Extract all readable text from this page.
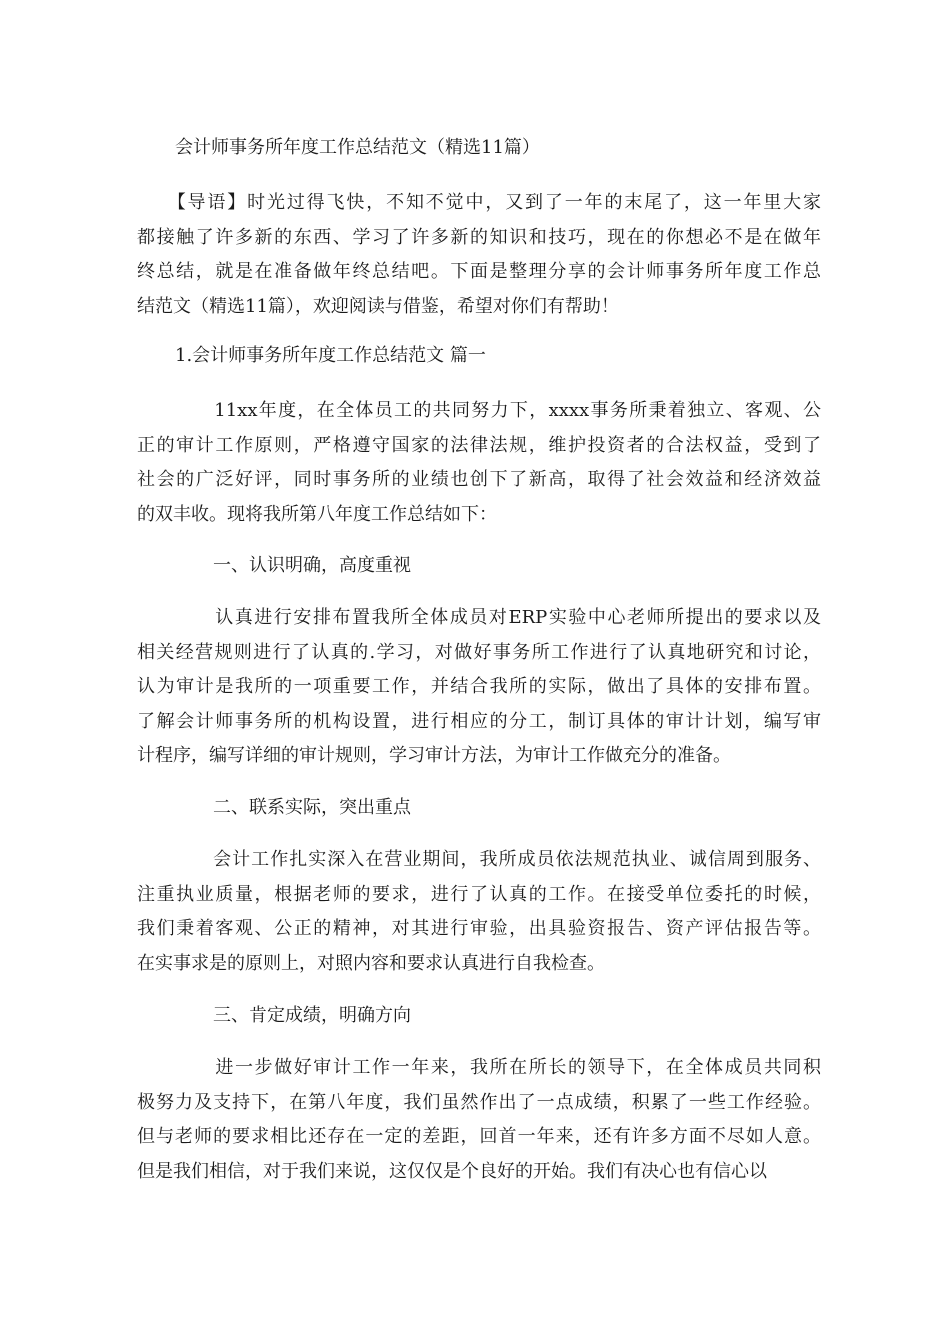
会计师事务所年度工作总结范文（精选11篇）

　　【导语】时光过得飞快，不知不觉中，又到了一年的末尾了，这一年里大家
都接触了许多新的东西、学习了许多新的知识和技巧，现在的你想必不是在做年
终总结，就是在准备做年终总结吧。下面是整理分享的会计师事务所年度工作总
结范文（精选11篇），欢迎阅读与借鉴，希望对你们有帮助！

1.会计师事务所年度工作总结范文 篇一

　　　　11xx年度，在全体员工的共同努力下，xxxx事务所秉着独立、客观、公
正的审计工作原则，严格遵守国家的法律法规，维护投资者的合法权益，受到了
社会的广泛好评，同时事务所的业绩也创下了新高，取得了社会效益和经济效益
的双丰收。现将我所第八年度工作总结如下：

一、认识明确，高度重视

　　　　认真进行安排布置我所全体成员对ERP实验中心老师所提出的要求以及
相关经营规则进行了认真的.学习，对做好事务所工作进行了认真地研究和讨论，
认为审计是我所的一项重要工作，并结合我所的实际，做出了具体的安排布置。
了解会计师事务所的机构设置，进行相应的分工，制订具体的审计计划，编写审
计程序，编写详细的审计规则，学习审计方法，为审计工作做充分的准备。

二、联系实际，突出重点

　　　　会计工作扎实深入在营业期间，我所成员依法规范执业、诚信周到服务、
注重执业质量，根据老师的要求，进行了认真的工作。在接受单位委托的时候，
我们秉着客观、公正的精神，对其进行审验，出具验资报告、资产评估报告等。
在实事求是的原则上，对照内容和要求认真进行自我检查。

三、肯定成绩，明确方向

　　　　进一步做好审计工作一年来，我所在所长的领导下，在全体成员共同积
极努力及支持下，在第八年度，我们虽然作出了一点成绩，积累了一些工作经验。
但与老师的要求相比还存在一定的差距，回首一年来，还有许多方面不尽如人意。
但是我们相信，对于我们来说，这仅仅是个良好的开始。我们有决心也有信心以
